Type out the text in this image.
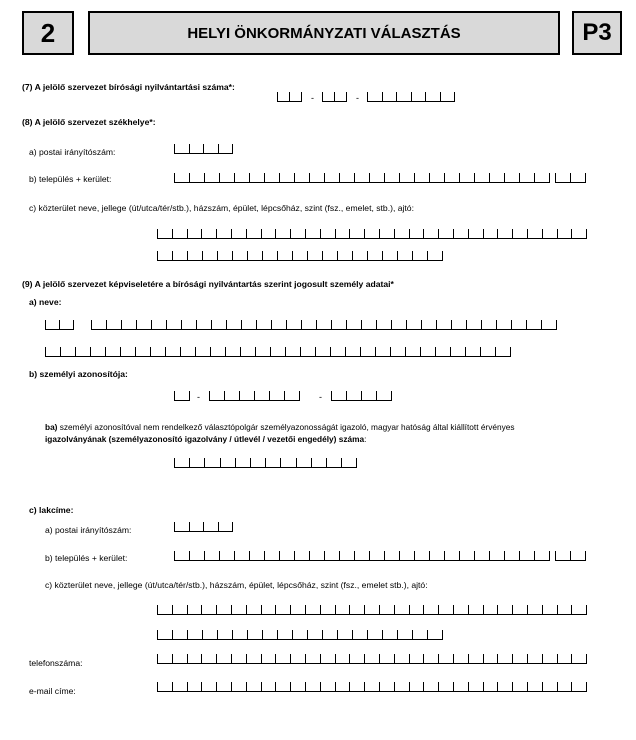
2	HELYI ÖNKORMÁNYZATI VÁLASZTÁS	P3
(7) A jelölő szervezet bírósági nyilvántartási száma*:
-	-
(8) A jelölő szervezet székhelye*:
a) postai irányítószám:
b) település + kerület:
c) közterület neve, jellege (út/utca/tér/stb.), házszám, épület, lépcsőház, szint (fsz., emelet, stb.), ajtó:
(9) A jelölő szervezet képviseletére a bírósági nyilvántartás szerint jogosult személy adatai*
a) neve:
b) személyi azonosítója:
-	-
ba) személyi azonosítóval nem rendelkező választópolgár személyazonosságát igazoló, magyar hatóság által kiállított érvényes
igazolványának (személyazonosító igazolvány / útlevél / vezetői engedély) száma:
c) lakcíme:
a) postai irányítószám:
b) település + kerület:
c) közterület neve, jellege (út/utca/tér/stb.), házszám, épület, lépcsőház, szint (fsz., emelet stb.), ajtó:
telefonszáma:
e-mail címe:
